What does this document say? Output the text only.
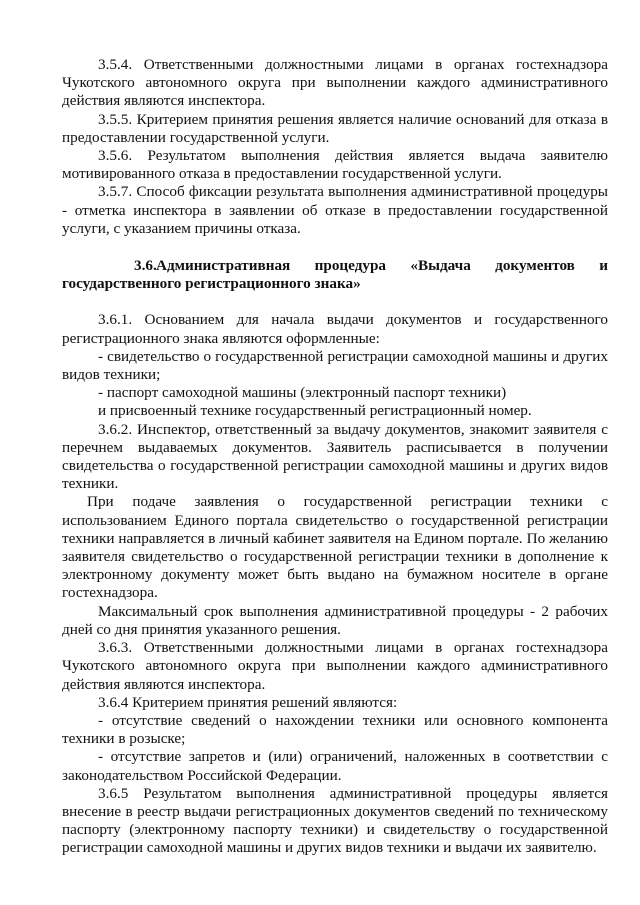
3.5.4. Ответственными должностными лицами в органах гостехнадзора Чукотского автономного округа при выполнении каждого административного действия являются инспектора.

3.5.5. Критерием принятия решения является наличие оснований для отказа в предоставлении государственной услуги.

3.5.6. Результатом выполнения действия является выдача заявителю мотивированного отказа в предоставлении государственной услуги.

3.5.7. Способ фиксации результата выполнения административной процедуры - отметка инспектора в заявлении об отказе в предоставлении государственной услуги, с указанием причины отказа.

3.6.Административная процедура «Выдача документов и государственного регистрационного знака»

3.6.1. Основанием для начала выдачи документов и государственного регистрационного знака являются оформленные:

- свидетельство о государственной регистрации самоходной машины и других видов техники;

- паспорт самоходной машины (электронный паспорт техники)

и присвоенный технике государственный регистрационный номер.

3.6.2. Инспектор, ответственный за выдачу документов, знакомит заявителя с перечнем выдаваемых документов. Заявитель расписывается в получении свидетельства о государственной регистрации самоходной машины и других видов техники.

При подаче заявления о государственной регистрации техники с использованием Единого портала свидетельство о государственной регистрации техники направляется в личный кабинет заявителя на Едином портале. По желанию заявителя свидетельство о государственной регистрации техники в дополнение к электронному документу может быть выдано на бумажном носителе в органе гостехнадзора.

Максимальный срок выполнения административной процедуры - 2 рабочих дней со дня принятия указанного решения.

3.6.3. Ответственными должностными лицами в органах гостехнадзора Чукотского автономного округа при выполнении каждого административного действия являются инспектора.

3.6.4 Критерием принятия решений являются:

- отсутствие сведений о нахождении техники или основного компонента техники в розыске;

- отсутствие запретов и (или) ограничений, наложенных в соответствии с законодательством Российской Федерации.

3.6.5 Результатом выполнения административной процедуры является внесение в реестр выдачи регистрационных документов сведений по техническому паспорту (электронному паспорту техники) и свидетельству о государственной регистрации самоходной машины и других видов техники и выдачи их заявителю.
